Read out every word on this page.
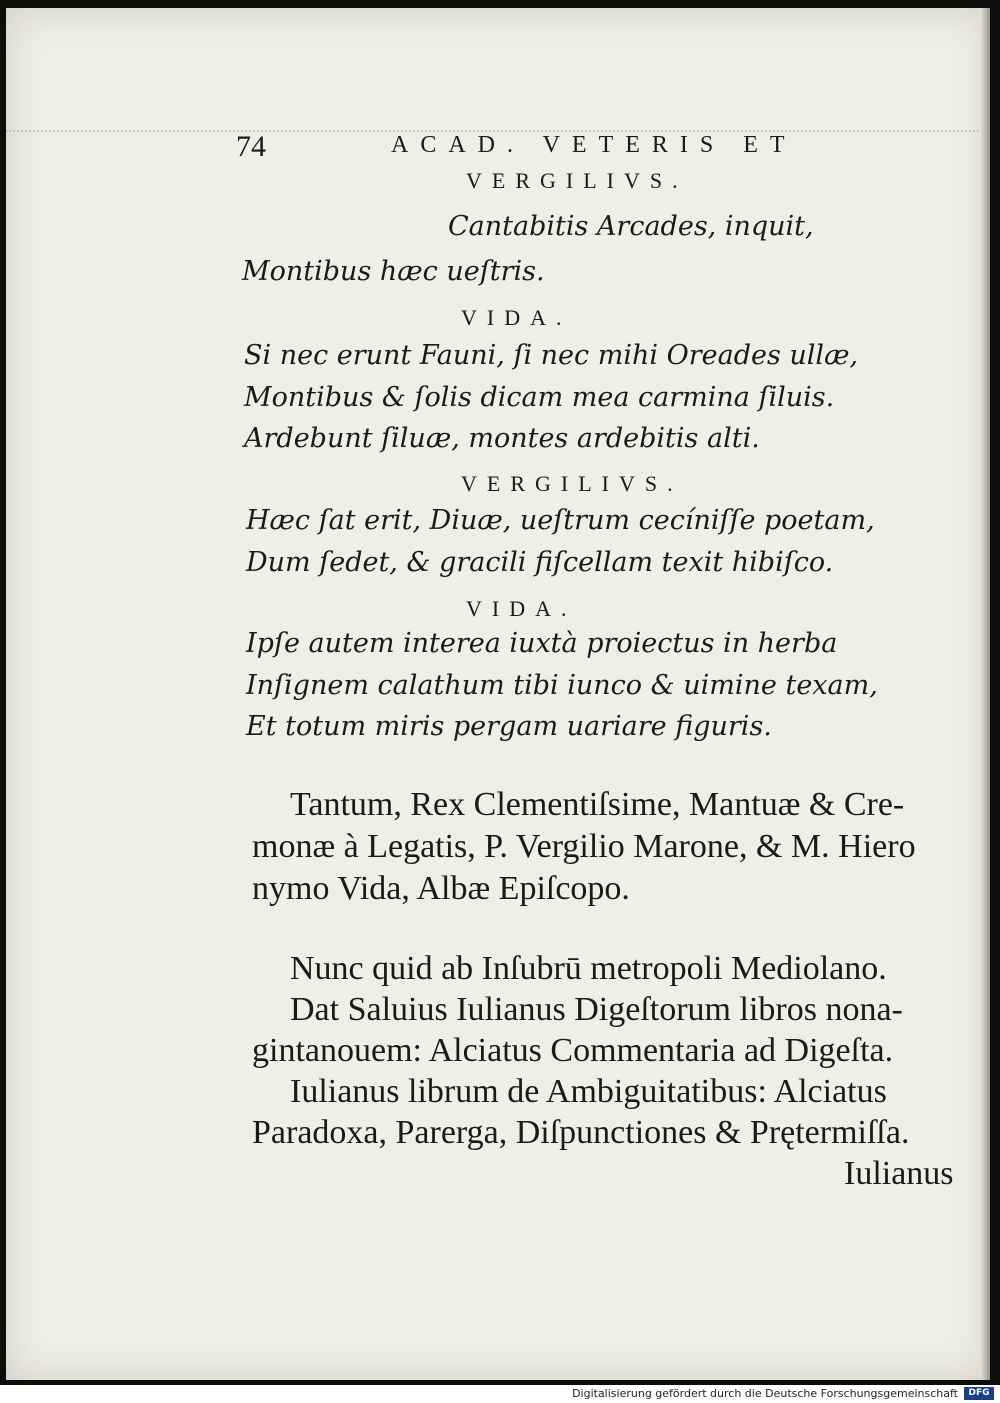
74	ACAD. VETERIS ET
VERGILIVS.
Cantabitis Arcades, inquit,
Montibus hæc ueſtris.
VIDA.
Si nec erunt Fauni, ſi nec mihi Oreades ullæ,
Montibus & ſolis dicam mea carmina ſiluis.
Ardebunt ſiluæ, montes ardebitis alti.
VERGILIVS.
Hæc ſat erit, Diuæ, ueſtrum cecíniſſe poetam,
Dum ſedet, & gracili fiſcellam texit hibiſco.
VIDA.
Ipſe autem interea iuxtà proiectus in herba
Inſignem calathum tibi iunco & uimine texam,
Et totum miris pergam uariare figuris.
Tantum, Rex Clementiſsime, Mantuæ & Cre-
monæ à Legatis, P. Vergilio Marone, & M. Hiero
nymo Vida, Albæ Epiſcopo.
Nunc quid ab Inſubrū metropoli Mediolano.
Dat Saluius Iulianus Digeſtorum libros nona-
gintanouem: Alciatus Commentaria ad Digeſta.
Iulianus librum de Ambiguitatibus: Alciatus
Paradoxa, Parerga, Diſpunctiones & Prętermiſſa.
Iulianus
Digitalisierung gefördert durch die Deutsche Forschungsgemeinschaft	DFG
